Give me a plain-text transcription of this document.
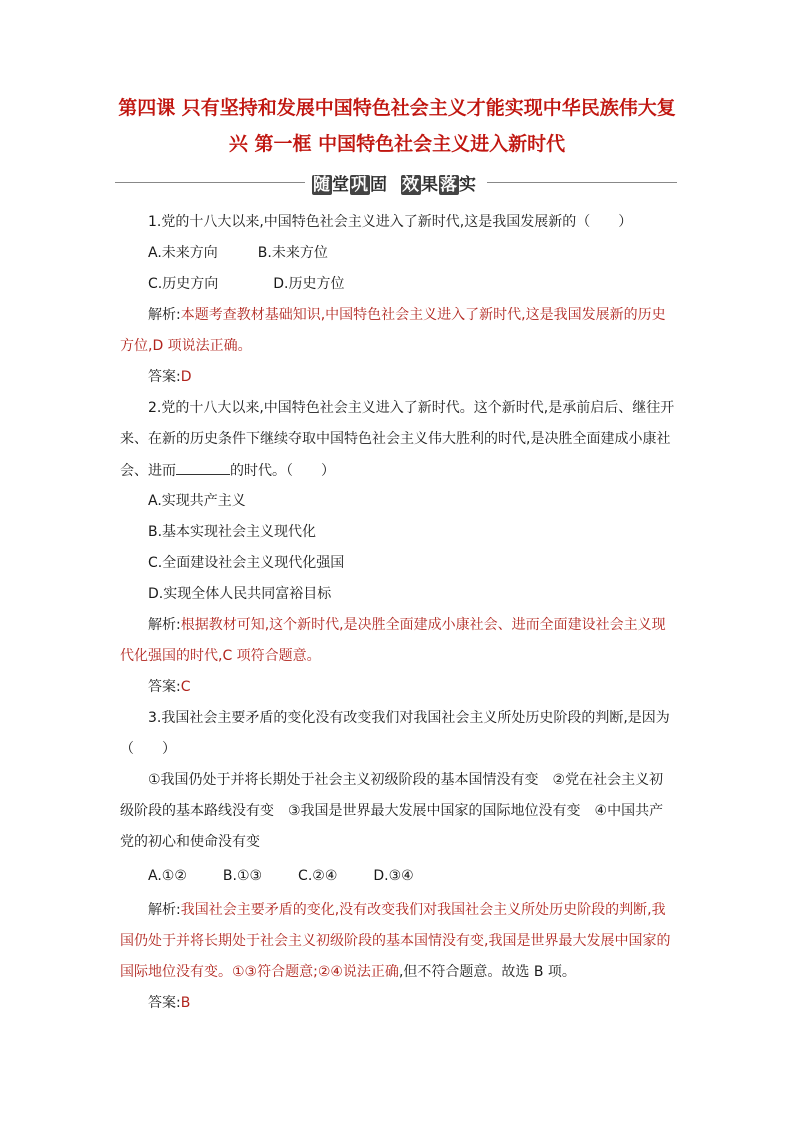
第四课 只有坚持和发展中国特色社会主义才能实现中华民族伟大复
兴 第一框 中国特色社会主义进入新时代
随堂巩固 效果落实
1.党的十八大以来,中国特色社会主义进入了新时代,这是我国发展新的（　　）
A.未来方向	B.未来方位
C.历史方向	D.历史方位
解析:本题考查教材基础知识,中国特色社会主义进入了新时代,这是我国发展新的历史
方位,D 项说法正确。
答案:D
2.党的十八大以来,中国特色社会主义进入了新时代。这个新时代,是承前启后、继往开
来、在新的历史条件下继续夺取中国特色社会主义伟大胜利的时代,是决胜全面建成小康社
会、进而	的时代。（　　）
A.实现共产主义
B.基本实现社会主义现代化
C.全面建设社会主义现代化强国
D.实现全体人民共同富裕目标
解析:根据教材可知,这个新时代,是决胜全面建成小康社会、进而全面建设社会主义现
代化强国的时代,C 项符合题意。
答案:C
3.我国社会主要矛盾的变化没有改变我们对我国社会主义所处历史阶段的判断,是因为
（　　）
①我国仍处于并将长期处于社会主义初级阶段的基本国情没有变　②党在社会主义初
级阶段的基本路线没有变　③我国是世界最大发展中国家的国际地位没有变　④中国共产
党的初心和使命没有变
A.①②	B.①③	C.②④	D.③④
解析:我国社会主要矛盾的变化,没有改变我们对我国社会主义所处历史阶段的判断,我
国仍处于并将长期处于社会主义初级阶段的基本国情没有变,我国是世界最大发展中国家的
国际地位没有变。①③符合题意;②④说法正确,但不符合题意。故选 B 项。
答案:B
